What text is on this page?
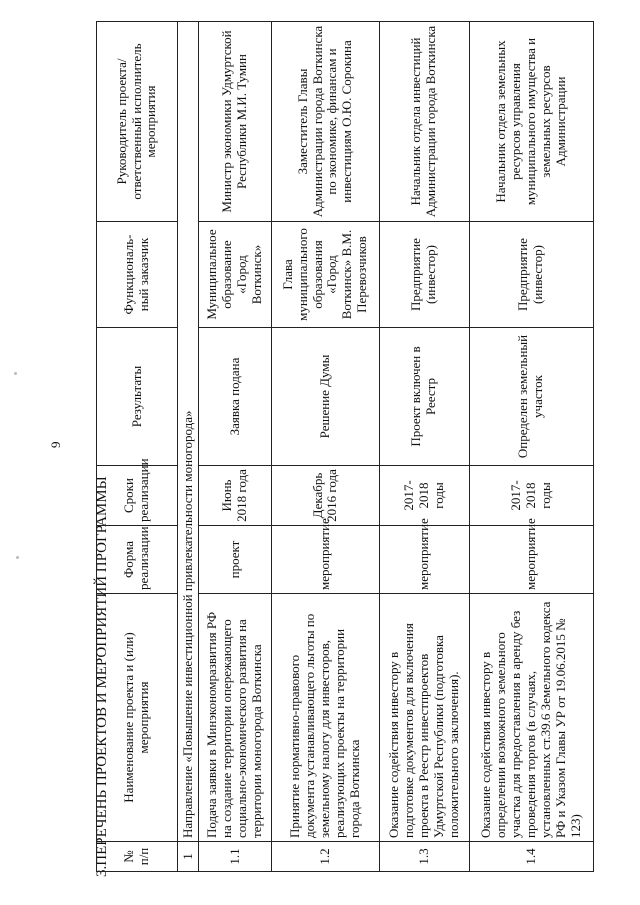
9
3.ПЕРЕЧЕНЬ ПРОЕКТОВ И МЕРОПРИЯТИЙ ПРОГРАММЫ № п/п	Наименование проекта и (или) мероприятия	Форма реализации	Сроки реализации	Результаты	Функциональ-ный заказчик	Руководитель проекта/ ответственный исполнитель мероприятия
1	Направление «Повышение инвестиционной привлекательности моногорода»					
1.1	Подача заявки в Минэкономразвития РФ на создание территории опережающего социально-экономического развития на территории моногорода Воткинска	проект	Июнь 2018 года	Заявка подана	Муниципальное образование «Город Воткинск»	Министр экономики Удмуртской Республики М.И. Тумин
1.2	Принятие нормативно-правового документа устанавливающего льготы по земельному налогу для инвесторов, реализующих проекты на территории города Воткинска	мероприятие	Декабрь 2016 года	Решение Думы	Глава муниципального образования «Город Воткинск» В.М. Перевозчиков	Заместитель Главы Администрации города Воткинска по экономике, финансам и инвестициям О.Ю. Сорокина
1.3	Оказание содействия инвестору в подготовке документов для включения проекта в Реестр инвестпроектов Удмуртской Республики (подготовка положительного заключения).	мероприятие	2017-2018 годы	Проект включен в Реестр	Предприятие (инвестор)	Начальник отдела инвестиций Администрации города Воткинска
1.4	Оказание содействия инвестору в определении возможного земельного участка для предоставления в аренду без проведения торгов (в случаях, установленных ст.39.6 Земельного кодекса РФ и Указом Главы УР от 19.06.2015 № 123)	мероприятие	2017-2018 годы	Определен земельный участок	Предприятие (инвестор)	Начальник отдела земельных ресурсов управления муниципального имущества и земельных ресурсов Администрации
